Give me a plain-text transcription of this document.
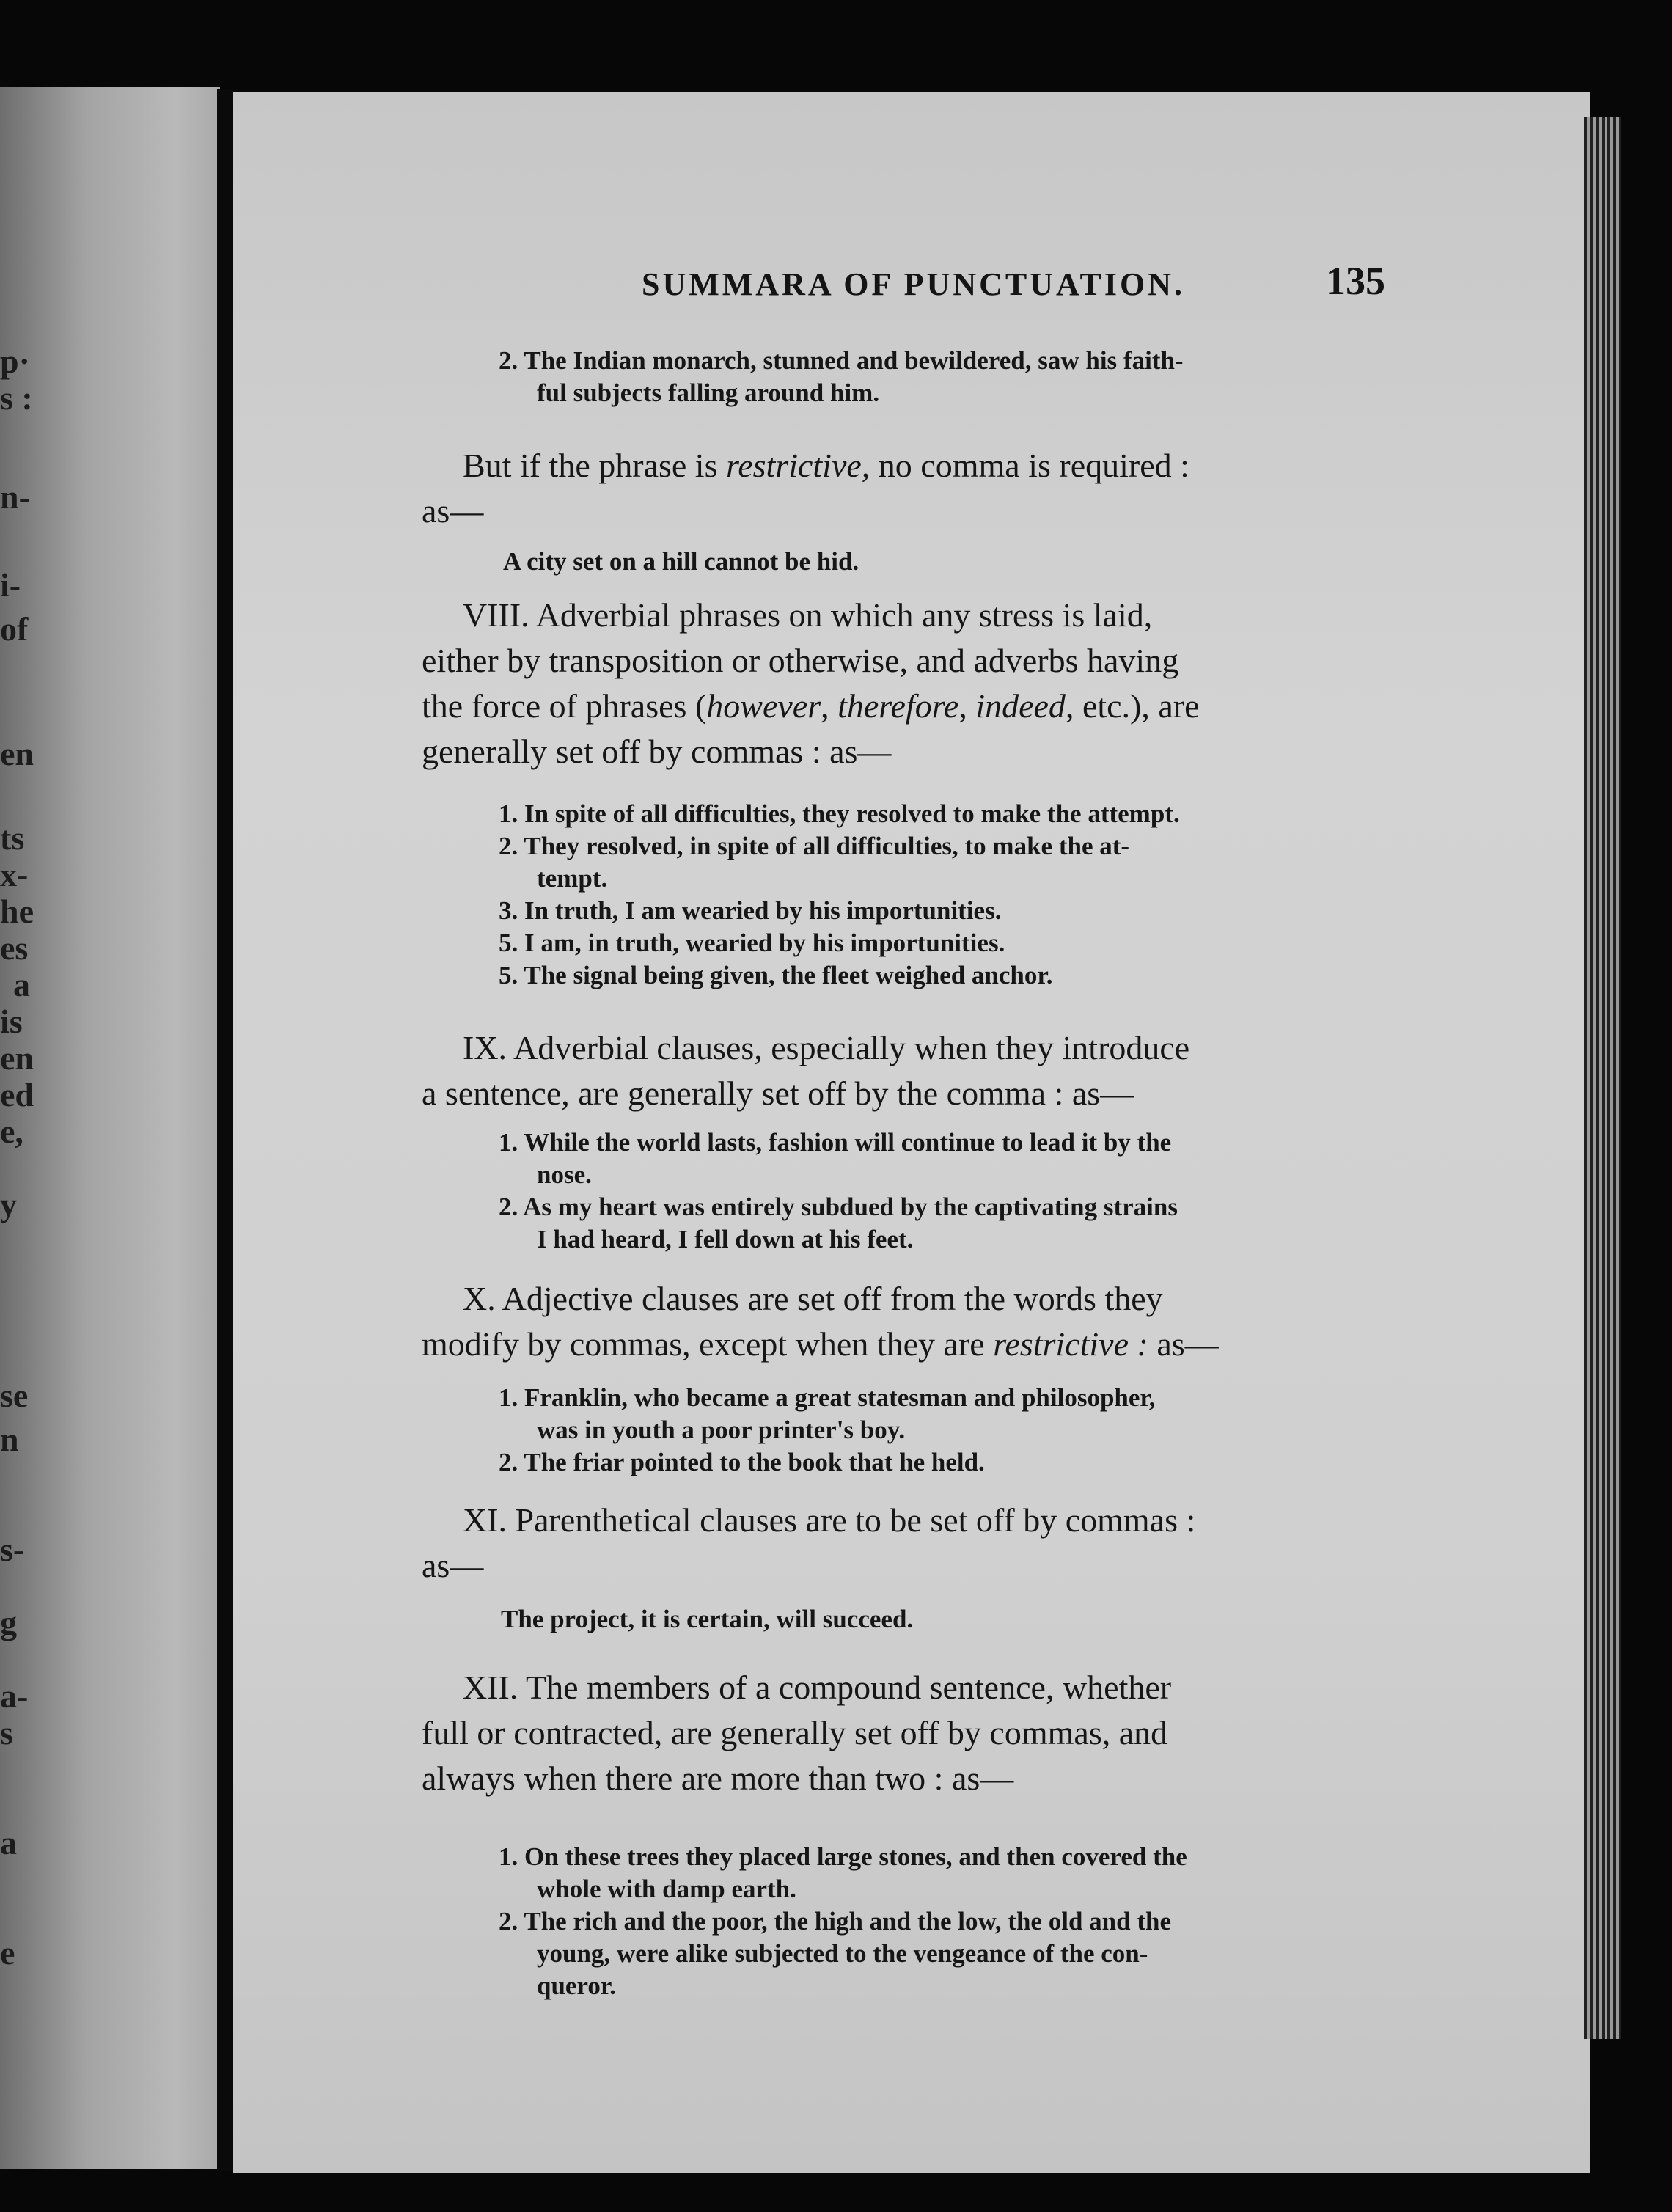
p·
s :
n-
i-
of
en
ts
x-
he
es
a
is
en
ed
e,
y
se
n
s-
g
a-
s
a
e
SUMMARA OF PUNCTUATION.	135
2. The Indian monarch, stunned and bewildered, saw his faith-
ful subjects falling around him.
But if the phrase is restrictive, no comma is required :
as—
A city set on a hill cannot be hid.
VIII. Adverbial phrases on which any stress is laid,
either by transposition or otherwise, and adverbs having
the force of phrases (however, therefore, indeed, etc.), are
generally set off by commas : as—
1. In spite of all difficulties, they resolved to make the attempt.
2. They resolved, in spite of all difficulties, to make the at-
tempt.
3. In truth, I am wearied by his importunities.
5. I am, in truth, wearied by his importunities.
5. The signal being given, the fleet weighed anchor.
IX. Adverbial clauses, especially when they introduce
a sentence, are generally set off by the comma : as—
1. While the world lasts, fashion will continue to lead it by the
nose.
2. As my heart was entirely subdued by the captivating strains
I had heard, I fell down at his feet.
X. Adjective clauses are set off from the words they
modify by commas, except when they are restrictive : as—
1. Franklin, who became a great statesman and philosopher,
was in youth a poor printer's boy.
2. The friar pointed to the book that he held.
XI. Parenthetical clauses are to be set off by commas :
as—
The project, it is certain, will succeed.
XII. The members of a compound sentence, whether
full or contracted, are generally set off by commas, and
always when there are more than two : as—
1. On these trees they placed large stones, and then covered the
whole with damp earth.
2. The rich and the poor, the high and the low, the old and the
young, were alike subjected to the vengeance of the con-
queror.
